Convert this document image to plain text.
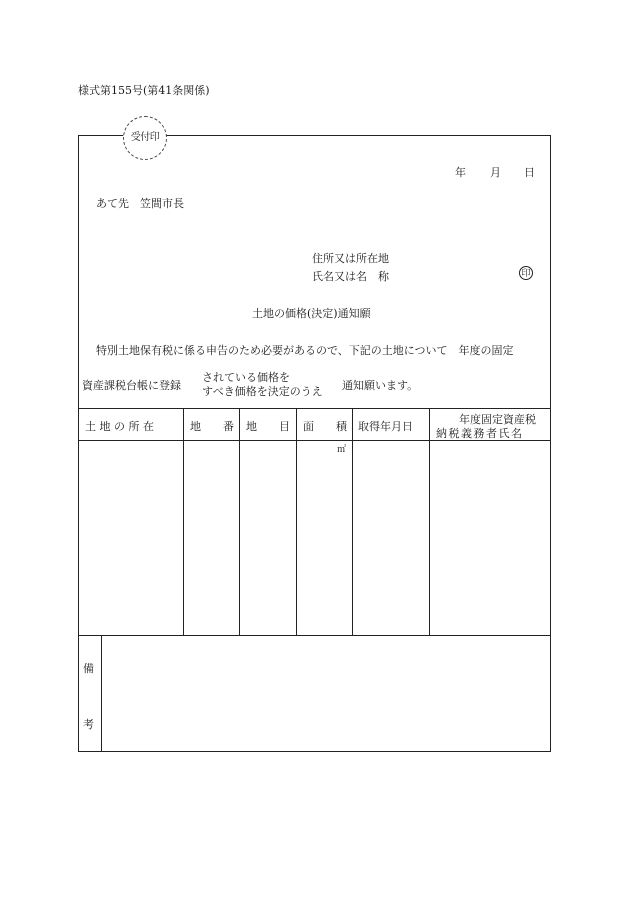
様式第155号(第41条関係)
受付印
年 月 日
あて先　笠間市長
住所又は所在地
氏名又は名　称	印
土地の価格(決定)通知願
特別土地保有税に係る申告のため必要があるので、下記の土地について　年度の固定
資産課税台帳に登録
されている価格を
すべき価格を決定のうえ 通知願います。
土 地 の 所 在	地　　番 地　　目 面　　積 取得年月日
年度固定資産税
納税義務者氏名
㎡
備
考
